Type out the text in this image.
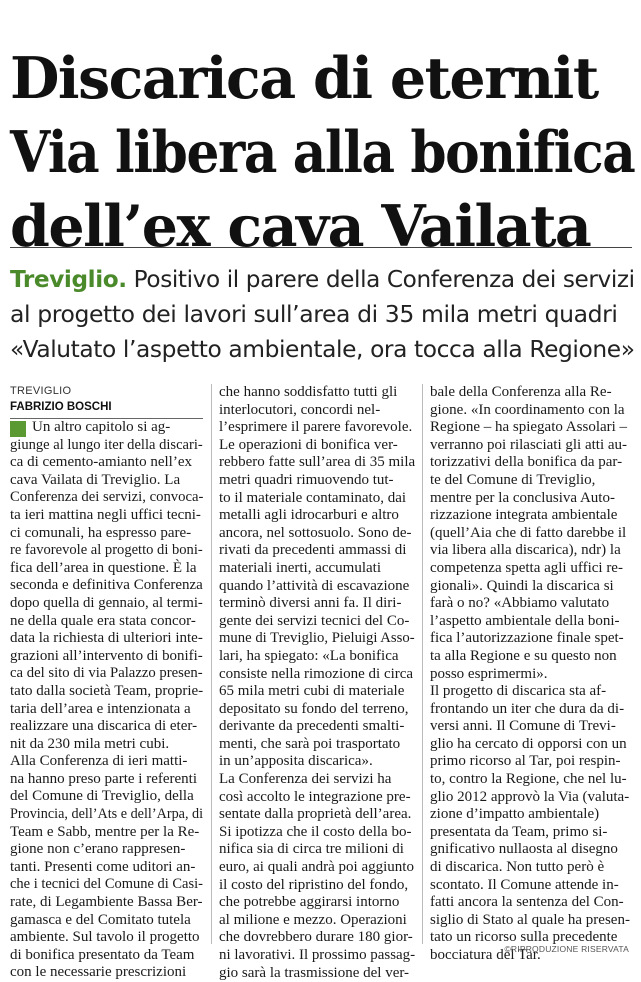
Discarica di eternit
Via libera alla bonifica
dell’ex cava Vailata
Treviglio. Positivo il parere della Conferenza dei servizi
al progetto dei lavori sull’area di 35 mila metri quadri
«Valutato l’aspetto ambientale, ora tocca alla Regione»
TREVIGLIO
FABRIZIO BOSCHI
Un altro capitolo si ag-
giunge al lungo iter della discari-
ca di cemento-amianto nell’ex
cava Vailata di Treviglio. La
Conferenza dei servizi, convoca-
ta ieri mattina negli uffici tecni-
ci comunali, ha espresso pare-
re favorevole al progetto di boni-
fica dell’area in questione. È la
seconda e definitiva Conferenza
dopo quella di gennaio, al termi-
ne della quale era stata concor-
data la richiesta di ulteriori inte-
grazioni all’intervento di bonifi-
ca del sito di via Palazzo presen-
tato dalla società Team, proprie-
taria dell’area e intenzionata a
realizzare una discarica di eter-
nit da 230 mila metri cubi.
Alla Conferenza di ieri matti-
na hanno preso parte i referenti
del Comune di Treviglio, della
Provincia, dell’Ats e dell’Arpa, di
Team e Sabb, mentre per la Re-
gione non c’erano rappresen-
tanti. Presenti come uditori an-
che i tecnici del Comune di Casi-
rate, di Legambiente Bassa Ber-
gamasca e del Comitato tutela
ambiente. Sul tavolo il progetto
di bonifica presentato da Team
con le necessarie prescrizioni
che hanno soddisfatto tutti gli
interlocutori, concordi nel-
l’esprimere il parere favorevole.
Le operazioni di bonifica ver-
rebbero fatte sull’area di 35 mila
metri quadri rimuovendo tut-
to il materiale contaminato, dai
metalli agli idrocarburi e altro
ancora, nel sottosuolo. Sono de-
rivati da precedenti ammassi di
materiali inerti, accumulati
quando l’attività di escavazione
terminò diversi anni fa. Il diri-
gente dei servizi tecnici del Co-
mune di Treviglio, Pieluigi Asso-
lari, ha spiegato: «La bonifica
consiste nella rimozione di circa
65 mila metri cubi di materiale
depositato su fondo del terreno,
derivante da precedenti smalti-
menti, che sarà poi trasportato
in un’apposita discarica».
La Conferenza dei servizi ha
così accolto le integrazione pre-
sentate dalla proprietà dell’area.
Si ipotizza che il costo della bo-
nifica sia di circa tre milioni di
euro, ai quali andrà poi aggiunto
il costo del ripristino del fondo,
che potrebbe aggirarsi intorno
al milione e mezzo. Operazioni
che dovrebbero durare 180 gior-
ni lavorativi. Il prossimo passag-
gio sarà la trasmissione del ver-
bale della Conferenza alla Re-
gione. «In coordinamento con la
Regione – ha spiegato Assolari –
verranno poi rilasciati gli atti au-
torizzativi della bonifica da par-
te del Comune di Treviglio,
mentre per la conclusiva Auto-
rizzazione integrata ambientale
(quell’Aia che di fatto darebbe il
via libera alla discarica), ndr) la
competenza spetta agli uffici re-
gionali». Quindi la discarica si
farà o no? «Abbiamo valutato
l’aspetto ambientale della boni-
fica l’autorizzazione finale spet-
ta alla Regione e su questo non
posso esprimermi».
Il progetto di discarica sta af-
frontando un iter che dura da di-
versi anni. Il Comune di Trevi-
glio ha cercato di opporsi con un
primo ricorso al Tar, poi respin-
to, contro la Regione, che nel lu-
glio 2012 approvò la Via (valuta-
zione d’impatto ambientale)
presentata da Team, primo si-
gnificativo nullaosta al disegno
di discarica. Non tutto però è
scontato. Il Comune attende in-
fatti ancora la sentenza del Con-
siglio di Stato al quale ha presen-
tato un ricorso sulla precedente
bocciatura del Tar.
©RIPRODUZIONE RISERVATA
